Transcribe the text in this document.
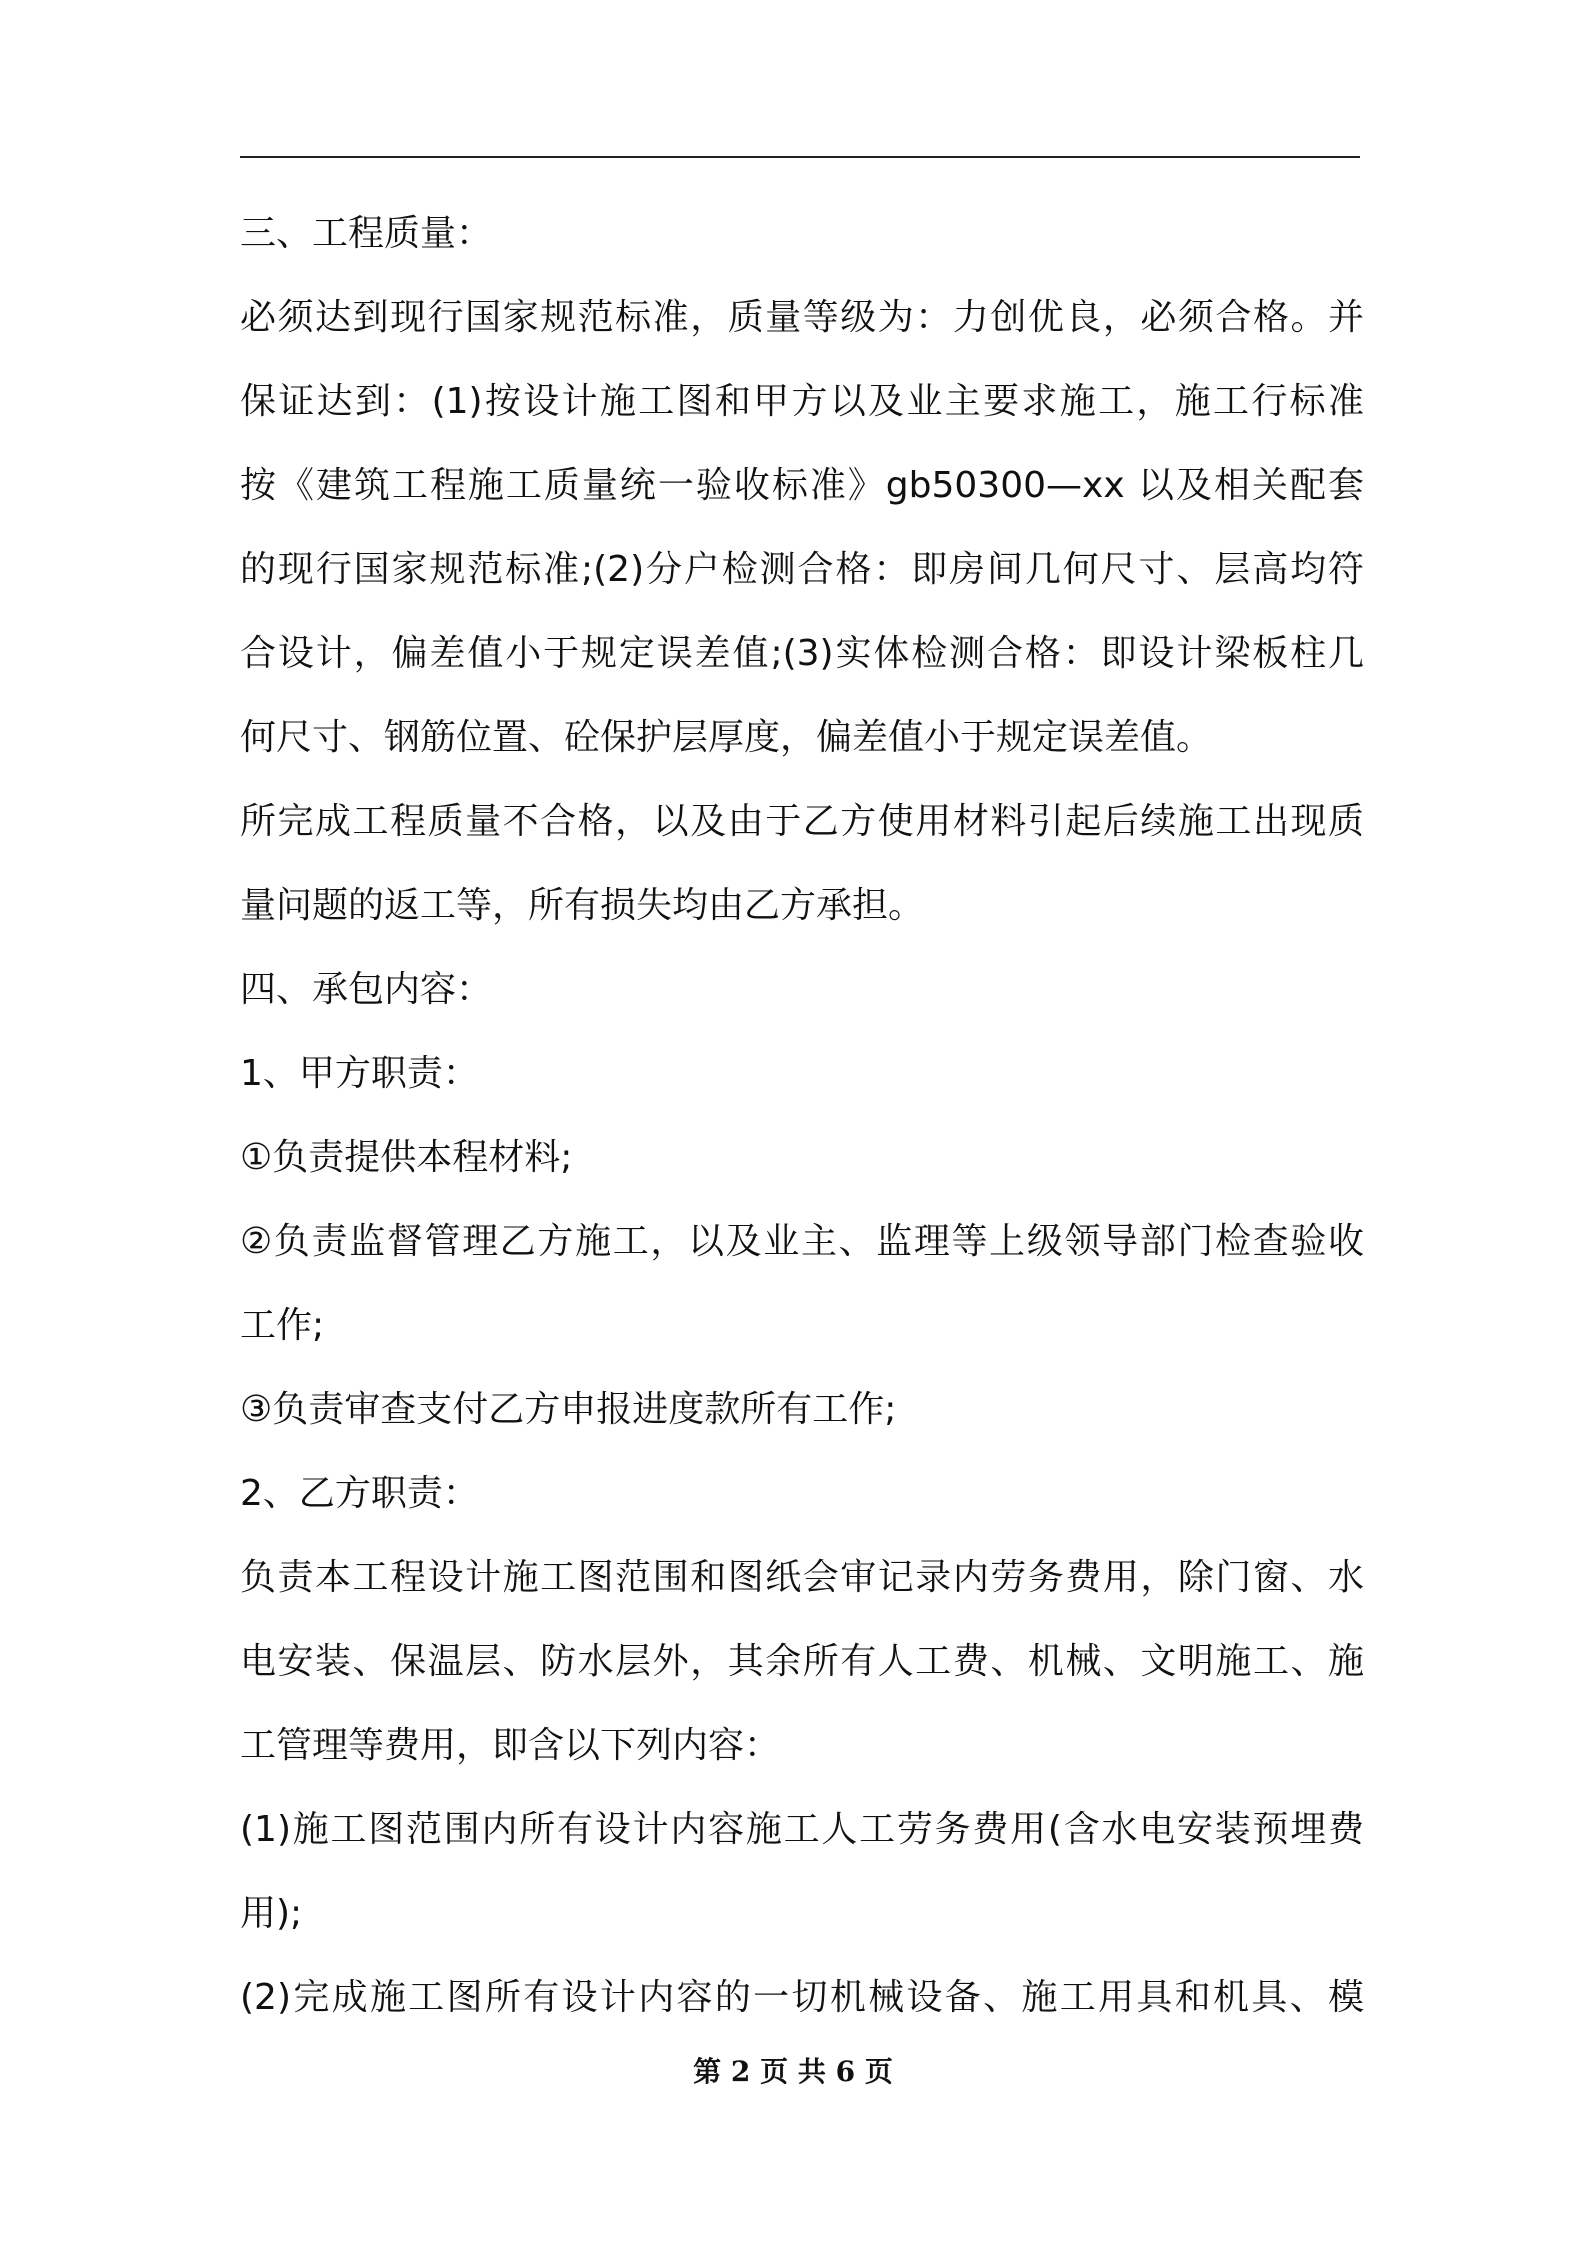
三、工程质量：
必须达到现行国家规范标准，质量等级为：力创优良，必须合格。并
保证达到：(1)按设计施工图和甲方以及业主要求施工，施工行标准
按《建筑工程施工质量统一验收标准》gb50300—xx 以及相关配套
的现行国家规范标准;(2)分户检测合格：即房间几何尺寸、层高均符
合设计，偏差值小于规定误差值;(3)实体检测合格：即设计梁板柱几
何尺寸、钢筋位置、砼保护层厚度，偏差值小于规定误差值。
所完成工程质量不合格，以及由于乙方使用材料引起后续施工出现质
量问题的返工等，所有损失均由乙方承担。
四、承包内容：
1、甲方职责：
①负责提供本程材料;
②负责监督管理乙方施工，以及业主、监理等上级领导部门检查验收
工作;
③负责审查支付乙方申报进度款所有工作;
2、乙方职责：
负责本工程设计施工图范围和图纸会审记录内劳务费用，除门窗、水
电安装、保温层、防水层外，其余所有人工费、机械、文明施工、施
工管理等费用，即含以下列内容：
(1)施工图范围内所有设计内容施工人工劳务费用(含水电安装预埋费
用);
(2)完成施工图所有设计内容的一切机械设备、施工用具和机具、模
第 2 页 共 6 页
